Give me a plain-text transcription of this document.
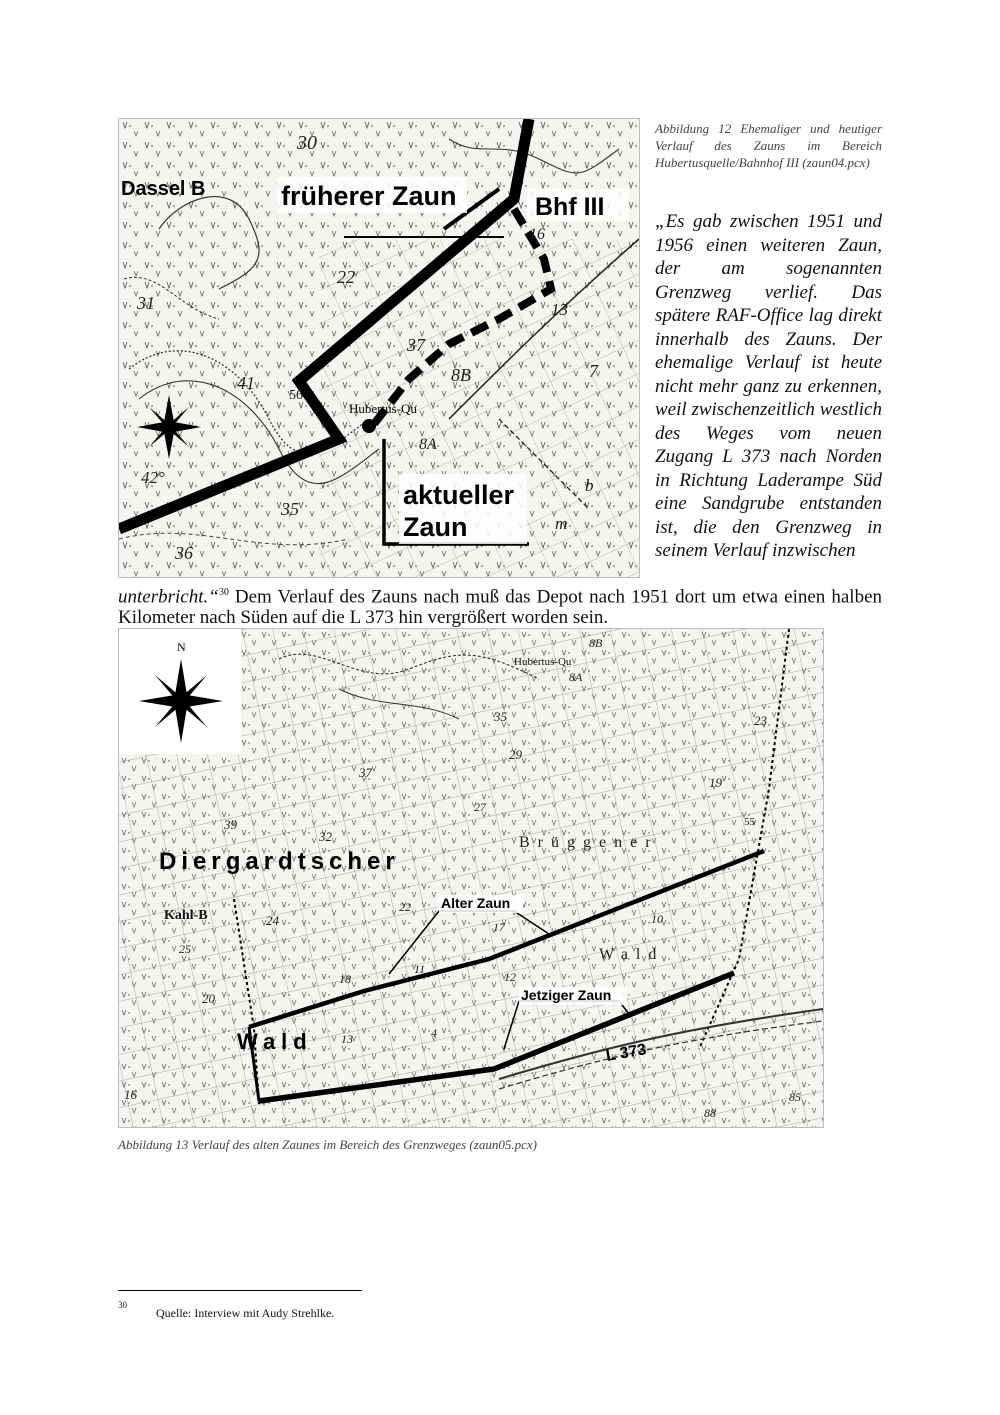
früherer Zaun	Bhf III
aktueller
Zaun
Dassel B
Hubertus-Qu
30
22
31
41
56
35
36
42°
37
8B
8A
13
16
7
b
m
Abbildung 12 Ehemaliger und heutiger Verlauf des Zauns im Bereich Hubertusquelle/Bahnhof III (zaun04.pcx)
„Es gab zwischen 1951 und 1956 einen weiteren Zaun, der am sogenannten Grenzweg verlief. Das spätere RAF-Office lag direkt innerhalb des Zauns. Der ehemalige Verlauf ist heute nicht mehr ganz zu erkennen, weil zwischenzeitlich westlich des Weges vom neuen Zugang L 373 nach Norden in Richtung Laderampe Süd eine Sandgrube entstanden ist, die den Grenzweg in seinem Verlauf inzwischen
unterbricht.“$^{30}$ Dem Verlauf des Zauns nach muß das Depot nach 1951 dort um etwa einen halben Kilometer nach Süden auf die L 373 hin vergrößert worden sein.
N
Alter Zaun
Jetziger Zaun
L 373
Diergardtscher
Wald
Brüggener
Wald
Kahl-B
Hubertus-Qu
8B
8A
35	23
29
37
32
39
27
19
22
24
25
17
11
10
12
18
20
13
16
4
55
88
85
Abbildung 13 Verlauf des alten Zaunes im Bereich des Grenzweges (zaun05.pcx)
30
Quelle: Interview mit Audy Strehlke.
